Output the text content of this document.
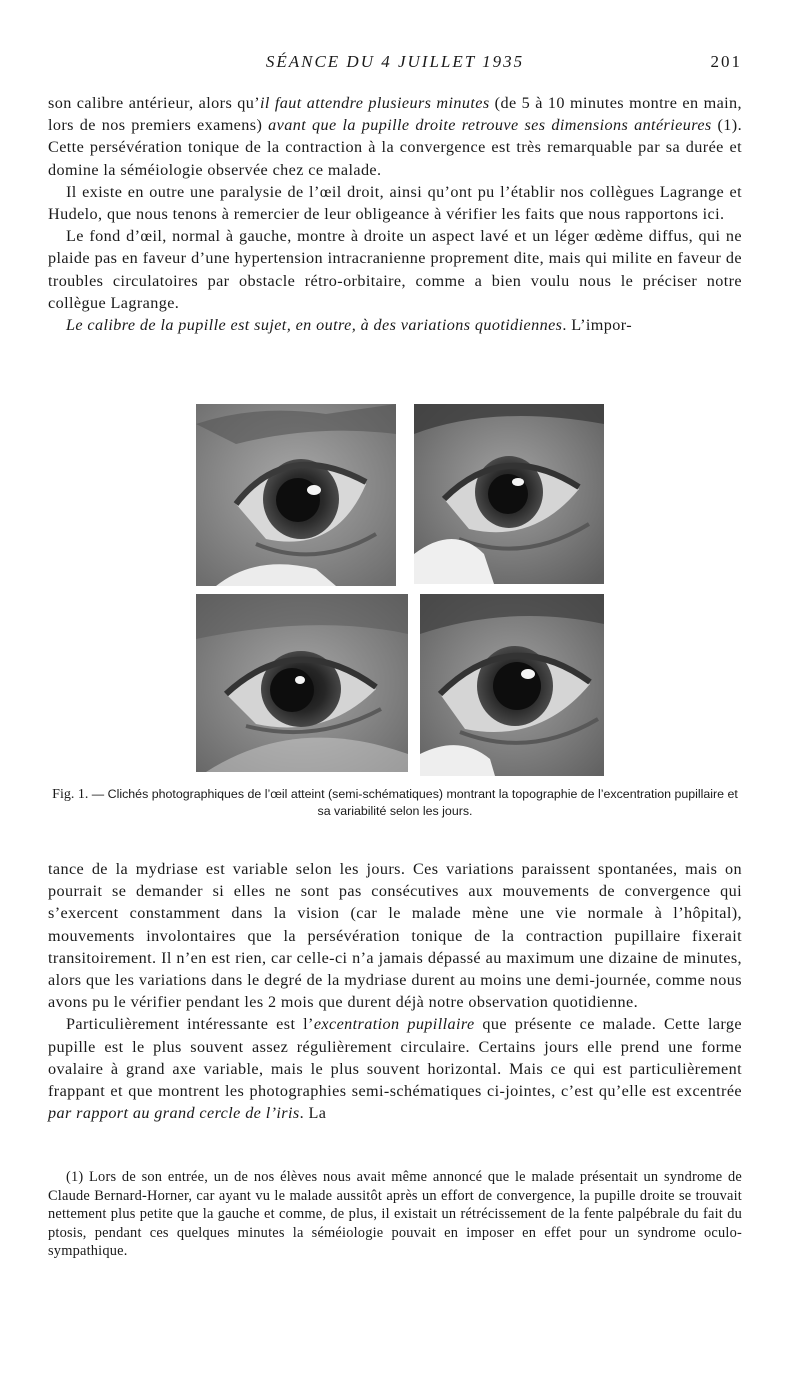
SÉANCE DU 4 JUILLET 1935	201

son calibre antérieur, alors qu’il faut attendre plusieurs minutes (de 5 à 10 minutes montre en main, lors de nos premiers examens) avant que la pupille droite retrouve ses dimensions antérieures (1). Cette persévération tonique de la contraction à la convergence est très remarquable par sa durée et domine la séméiologie observée chez ce malade.

Il existe en outre une paralysie de l’œil droit, ainsi qu’ont pu l’établir nos collègues Lagrange et Hudelo, que nous tenons à remercier de leur obligeance à vérifier les faits que nous rapportons ici.

Le fond d’œil, normal à gauche, montre à droite un aspect lavé et un léger œdème diffus, qui ne plaide pas en faveur d’une hypertension intracranienne proprement dite, mais qui milite en faveur de troubles circulatoires par obstacle rétro-orbitaire, comme a bien voulu nous le préciser notre collègue Lagrange.

Le calibre de la pupille est sujet, en outre, à des variations quotidiennes. L’impor-

Fig. 1. — Clichés photographiques de l’œil atteint (semi-schématiques) montrant la topographie de l’excentration pupillaire et sa variabilité selon les jours.

tance de la mydriase est variable selon les jours. Ces variations paraissent spontanées, mais on pourrait se demander si elles ne sont pas consécutives aux mouvements de convergence qui s’exercent constamment dans la vision (car le malade mène une vie normale à l’hôpital), mouvements involontaires que la persévération tonique de la contraction pupillaire fixerait transitoirement. Il n’en est rien, car celle-ci n’a jamais dépassé au maximum une dizaine de minutes, alors que les variations dans le degré de la mydriase durent au moins une demi-journée, comme nous avons pu le vérifier pendant les 2 mois que durent déjà notre observation quotidienne.

Particulièrement intéressante est l’excentration pupillaire que présente ce malade. Cette large pupille est le plus souvent assez régulièrement circulaire. Certains jours elle prend une forme ovalaire à grand axe variable, mais le plus souvent horizontal. Mais ce qui est particulièrement frappant et que montrent les photographies semi-schématiques ci-jointes, c’est qu’elle est excentrée par rapport au grand cercle de l’iris. La

(1) Lors de son entrée, un de nos élèves nous avait même annoncé que le malade présentait un syndrome de Claude Bernard-Horner, car ayant vu le malade aussitôt après un effort de convergence, la pupille droite se trouvait nettement plus petite que la gauche et comme, de plus, il existait un rétrécissement de la fente palpébrale du fait du ptosis, pendant ces quelques minutes la séméiologie pouvait en imposer en effet pour un syndrome oculo-sympathique.
